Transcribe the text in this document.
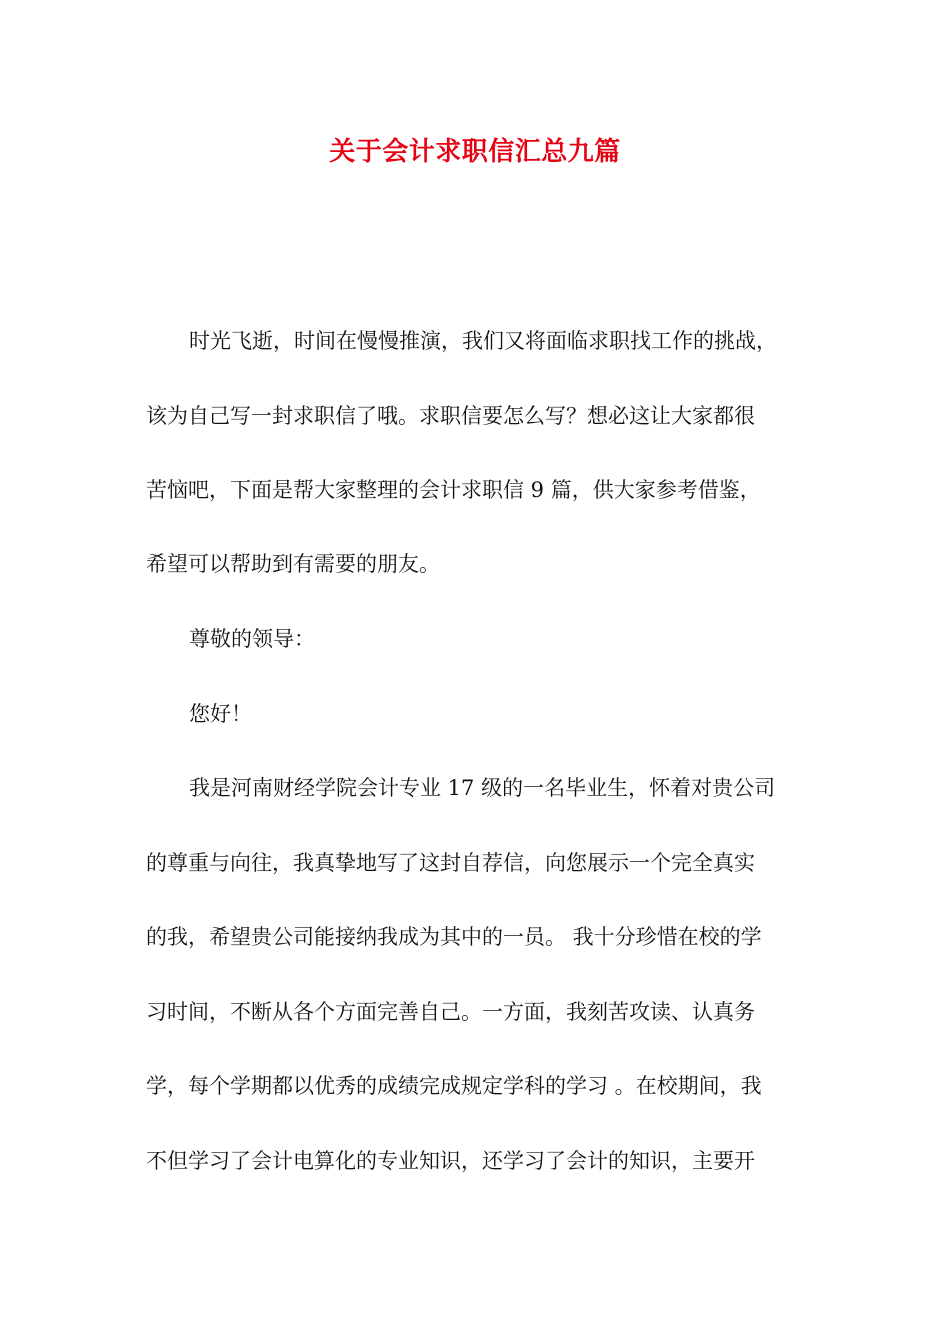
关于会计求职信汇总九篇
时光飞逝，时间在慢慢推演，我们又将面临求职找工作的挑战，
该为自己写一封求职信了哦。求职信要怎么写？想必这让大家都很
苦恼吧，下面是帮大家整理的会计求职信 9 篇，供大家参考借鉴，
希望可以帮助到有需要的朋友。
尊敬的领导：
您好！
我是河南财经学院会计专业 17 级的一名毕业生，怀着对贵公司
的尊重与向往，我真挚地写了这封自荐信，向您展示一个完全真实
的我，希望贵公司能接纳我成为其中的一员。 我十分珍惜在校的学
习时间，不断从各个方面完善自己。一方面，我刻苦攻读、认真务
学，每个学期都以优秀的成绩完成规定学科的学习 。在校期间，我
不但学习了会计电算化的专业知识，还学习了会计的知识，主要开
